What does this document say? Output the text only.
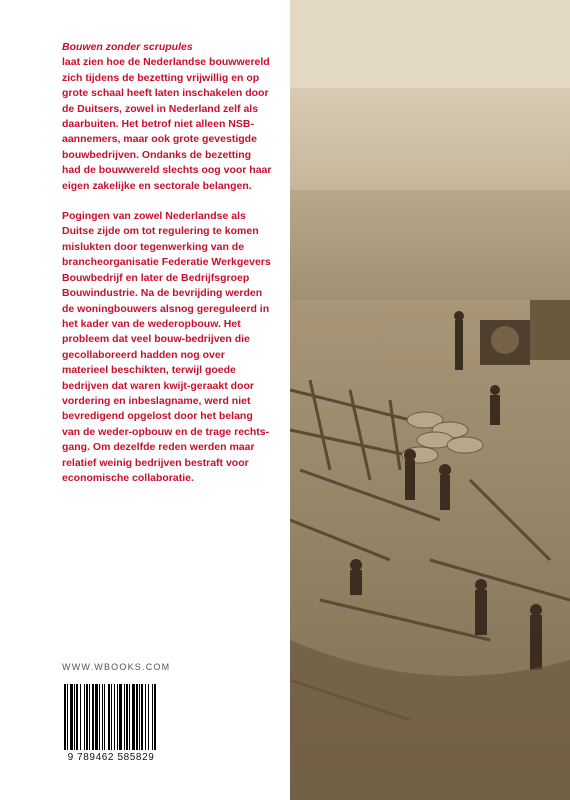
Bouwen zonder scrupules
laat zien hoe de Nederlandse bouwwereld zich tijdens de bezetting vrijwillig en op grote schaal heeft laten inschakelen door de Duitsers, zowel in Nederland zelf als daarbuiten. Het betrof niet alleen NSB-aannemers, maar ook grote gevestigde bouwbedrijven. Ondanks de bezetting had de bouwwereld slechts oog voor haar eigen zakelijke en sectorale belangen.

Pogingen van zowel Nederlandse als Duitse zijde om tot regulering te komen mislukten door tegenwerking van de brancheorganisatie Federatie Werkgevers Bouwbedrijf en later de Bedrijfsgroep Bouwindustrie. Na de bevrijding werden de woningbouwers alsnog gereguleerd in het kader van de wederopbouw. Het probleem dat veel bouw-bedrijven die gecollaboreerd hadden nog over materieel beschikten, terwijl goede bedrijven dat waren kwijt-geraakt door vordering en inbeslagname, werd niet bevredigend opgelost door het belang van de weder-opbouw en de trage rechts-gang. Om dezelfde reden werden maar relatief weinig bedrijven bestraft voor economische collaboratie.

WWW.WBOOKS.COM
9 789462 585829
